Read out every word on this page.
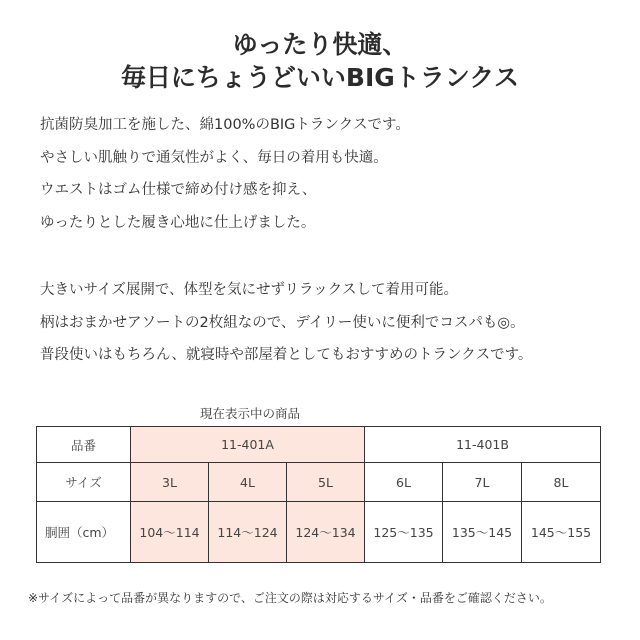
ゆったり快適、
毎日にちょうどいいBIGトランクス

抗菌防臭加工を施した、綿100%のBIGトランクスです。

やさしい肌触りで通気性がよく、毎日の着用も快適。

ウエストはゴム仕様で締め付け感を抑え、

ゆったりとした履き心地に仕上げました。

大きいサイズ展開で、体型を気にせずリラックスして着用可能。

柄はおまかせアソートの2枚組なので、デイリー使いに便利でコスパも◎。

普段使いはもちろん、就寝時や部屋着としてもおすすめのトランクスです。

現在表示中の商品
品番	11-401A			11-401B		
サイズ	3L	4L	5L	6L	7L	8L
胴囲（cm）	104～114	114～124	124～134	125～135	135～145	145～155
※サイズによって品番が異なりますので、ご注文の際は対応するサイズ・品番をご確認ください。
